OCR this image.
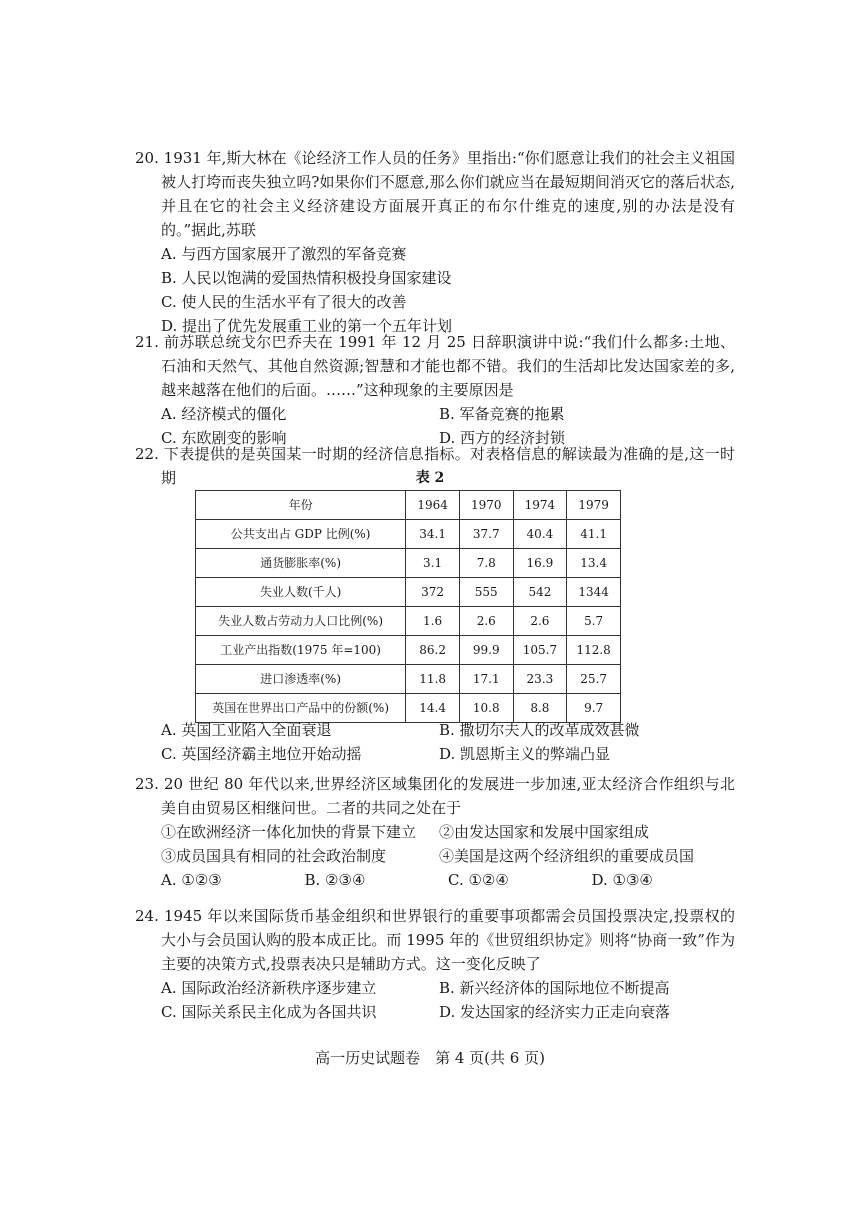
20. 1931 年,斯大林在《论经济工作人员的任务》里指出:“你们愿意让我们的社会主义祖国被人打垮而丧失独立吗?如果你们不愿意,那么你们就应当在最短期间消灭它的落后状态,并且在它的社会主义经济建设方面展开真正的布尔什维克的速度,别的办法是没有的。”据此,苏联

A. 与西方国家展开了激烈的军备竞赛

B. 人民以饱满的爱国热情积极投身国家建设

C. 使人民的生活水平有了很大的改善

D. 提出了优先发展重工业的第一个五年计划

21. 前苏联总统戈尔巴乔夫在 1991 年 12 月 25 日辞职演讲中说:“我们什么都多:土地、石油和天然气、其他自然资源;智慧和才能也都不错。我们的生活却比发达国家差的多,越来越落在他们的后面。……”这种现象的主要原因是

A. 经济模式的僵化	B. 军备竞赛的拖累
C. 东欧剧变的影响	D. 西方的经济封锁

22. 下表提供的是英国某一时期的经济信息指标。对表格信息的解读最为准确的是,这一时期	表 2
年份	1964	1970	1974	1979
公共支出占 GDP 比例(%)	34.1	37.7	40.4	41.1
通货膨胀率(%)	3.1	7.8	16.9	13.4
失业人数(千人)	372	555	542	1344
失业人数占劳动力人口比例(%)	1.6	2.6	2.6	5.7
工业产出指数(1975 年=100)	86.2	99.9	105.7	112.8
进口渗透率(%)	11.8	17.1	23.3	25.7
英国在世界出口产品中的份额(%)	14.4	10.8	8.8	9.7
A. 英国工业陷入全面衰退	B. 撒切尔夫人的改革成效甚微
C. 英国经济霸主地位开始动摇	D. 凯恩斯主义的弊端凸显

23. 20 世纪 80 年代以来,世界经济区域集团化的发展进一步加速,亚太经济合作组织与北美自由贸易区相继问世。二者的共同之处在于

①在欧洲经济一体化加快的背景下建立	②由发达国家和发展中国家组成
③成员国具有相同的社会政治制度	④美国是这两个经济组织的重要成员国
A. ①②③	B. ②③④	C. ①②④	D. ①③④

24. 1945 年以来国际货币基金组织和世界银行的重要事项都需会员国投票决定,投票权的大小与会员国认购的股本成正比。而 1995 年的《世贸组织协定》则将“协商一致”作为主要的决策方式,投票表决只是辅助方式。这一变化反映了

A. 国际政治经济新秩序逐步建立	B. 新兴经济体的国际地位不断提高
C. 国际关系民主化成为各国共识	D. 发达国家的经济实力正走向衰落
高一历史试题卷　第 4 页(共 6 页)
